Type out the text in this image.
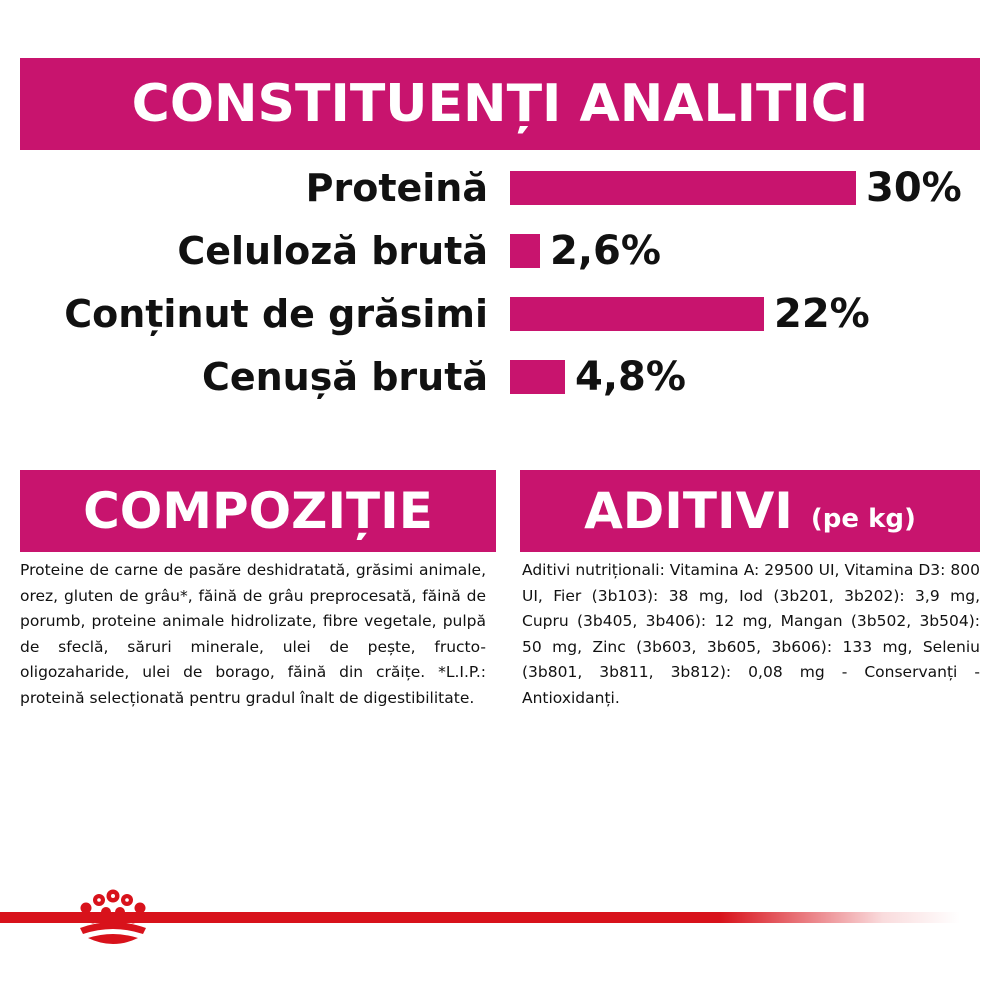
CONSTITUENȚI ANALITICI
Proteină	30%
Celuloză brută 2,6%
Conținut de grăsimi	22%
Cenușă brută 4,8%
COMPOZIȚIE
Proteine de carne de pasăre deshidratată, grăsimi animale, orez, gluten de grâu*, făină de grâu preprocesată, făină de porumb, proteine animale hidrolizate, fibre vegetale, pulpă de sfeclă, săruri minerale, ulei de pește, fructo-oligozaharide, ulei de borago, făină din crăițe. *L.I.P.: proteină selecționată pentru gradul înalt de digestibilitate.
ADITIVI (pe kg)
Aditivi nutriționali: Vitamina A: 29500 UI, Vitamina D3: 800 UI, Fier (3b103): 38 mg, Iod (3b201, 3b202): 3,9 mg, Cupru (3b405, 3b406): 12 mg, Mangan (3b502, 3b504): 50 mg, Zinc (3b603, 3b605, 3b606): 133 mg, Seleniu (3b801, 3b811, 3b812): 0,08 mg - Conservanți - Antioxidanți.
